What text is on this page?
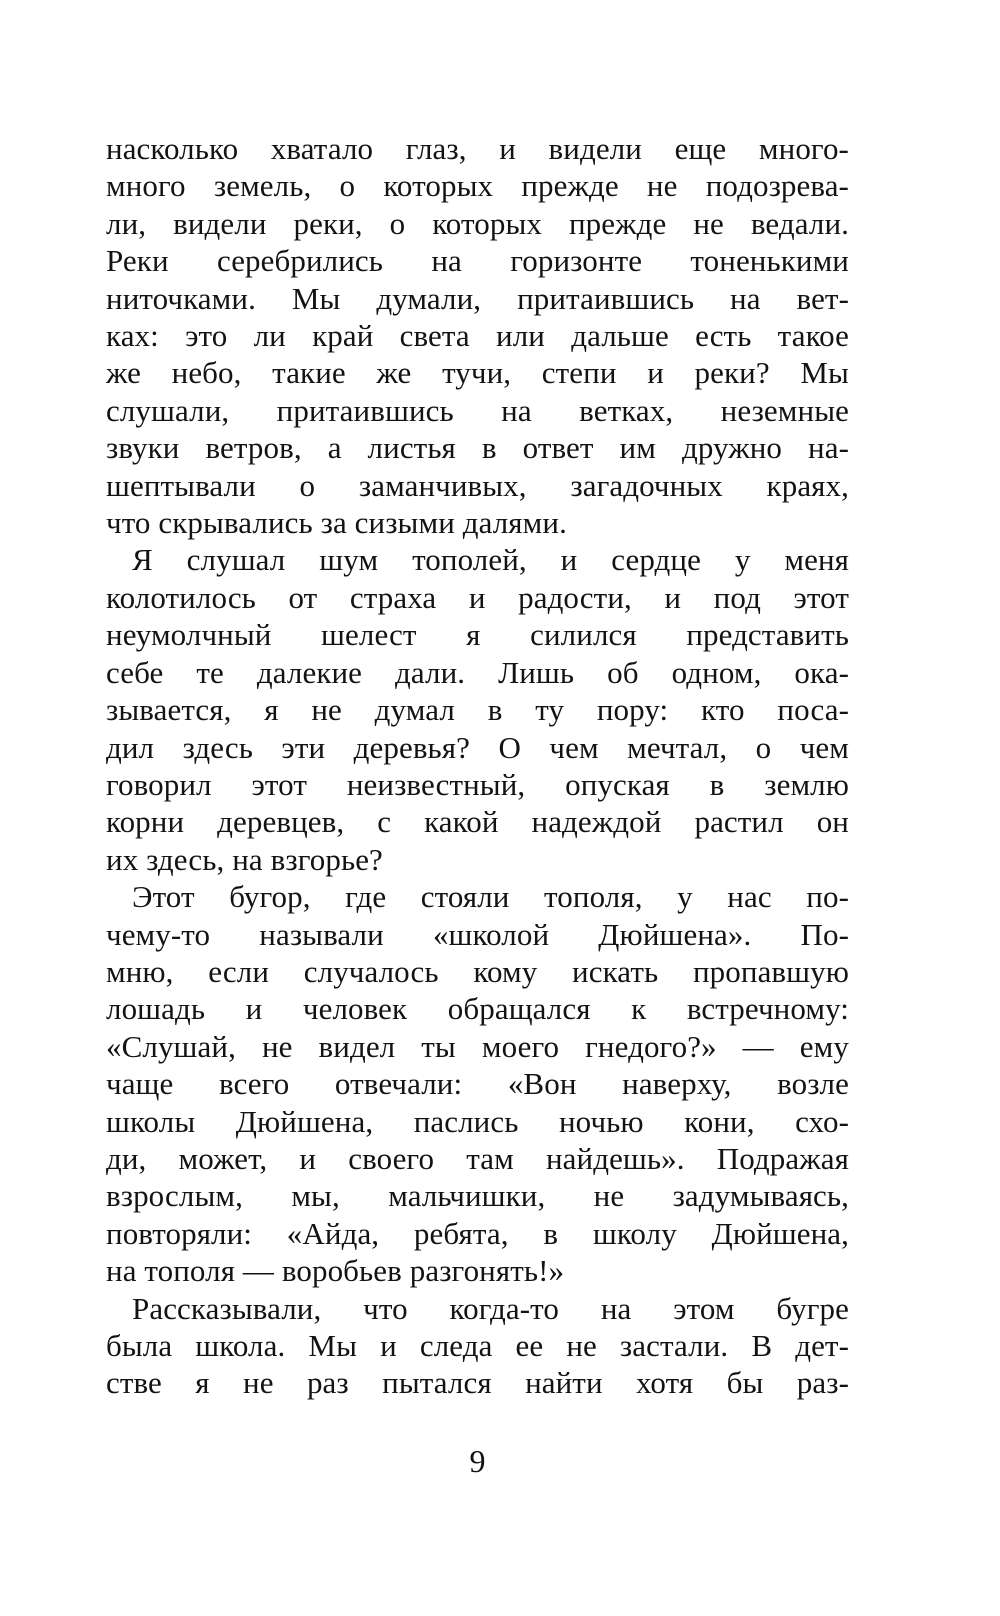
насколько хватало глаз, и видели еще много-
много земель, о которых прежде не подозрева-
ли, видели реки, о которых прежде не ведали.
Реки серебрились на горизонте тоненькими
ниточками. Мы думали, притаившись на вет-
ках: это ли край света или дальше есть такое
же небо, такие же тучи, степи и реки? Мы
слушали, притаившись на ветках, неземные
звуки ветров, а листья в ответ им дружно на-
шептывали о заманчивых, загадочных краях,
что скрывались за сизыми далями.
Я слушал шум тополей, и сердце у меня
колотилось от страха и радости, и под этот
неумолчный шелест я силился представить
себе те далекие дали. Лишь об одном, ока-
зывается, я не думал в ту пору: кто поса-
дил здесь эти деревья? О чем мечтал, о чем
говорил этот неизвестный, опуская в землю
корни деревцев, с какой надеждой растил он
их здесь, на взгорье?
Этот бугор, где стояли тополя, у нас по-
чему-то называли «школой Дюйшена». По-
мню, если случалось кому искать пропавшую
лошадь и человек обращался к встречному:
«Слушай, не видел ты моего гнедого?» — ему
чаще всего отвечали: «Вон наверху, возле
школы Дюйшена, паслись ночью кони, схо-
ди, может, и своего там найдешь». Подражая
взрослым, мы, мальчишки, не задумываясь,
повторяли: «Айда, ребята, в школу Дюйшена,
на тополя — воробьев разгонять!»
Рассказывали, что когда-то на этом бугре
была школа. Мы и следа ее не застали. В дет-
стве я не раз пытался найти хотя бы раз-
9
